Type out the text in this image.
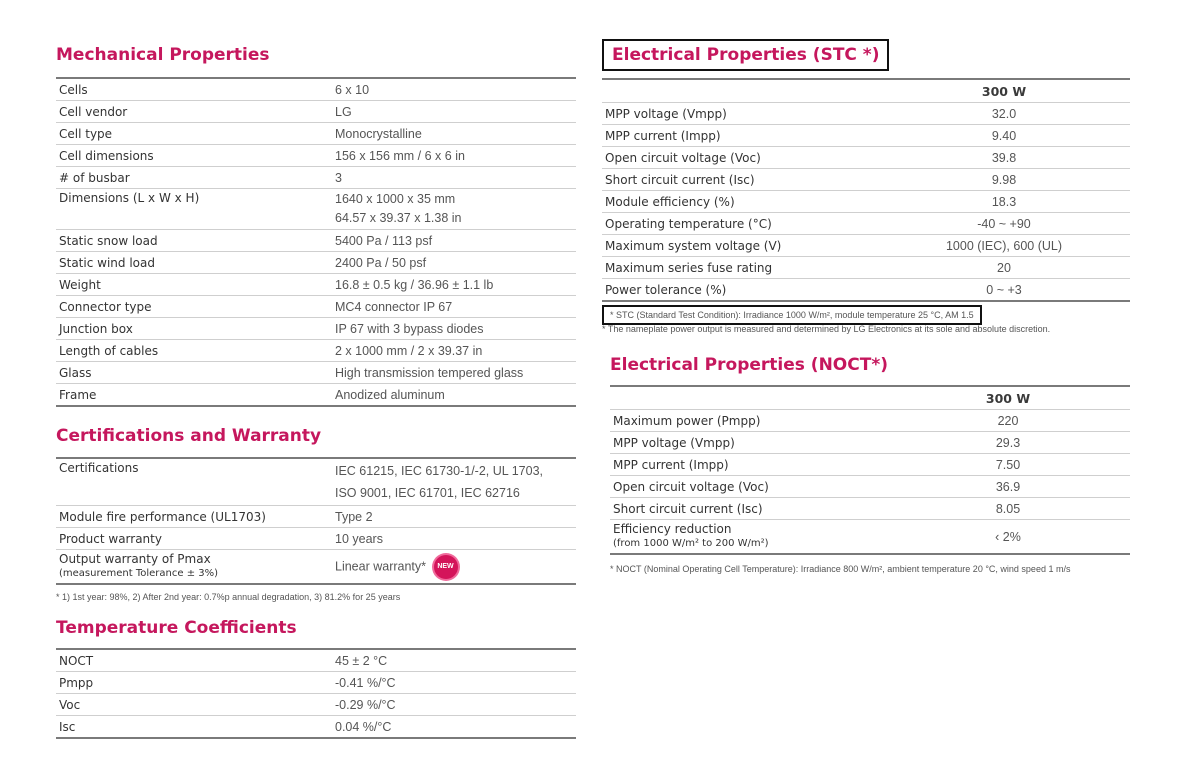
Mechanical Properties
Cells	6 x 10
Cell vendor	LG
Cell type	Monocrystalline
Cell dimensions	156 x 156 mm / 6 x 6 in
# of busbar	3
Dimensions (L x W x H)	1640 x 1000 x 35 mm
64.57 x 39.37 x 1.38 in

Static snow load	5400 Pa / 113 psf
Static wind load	2400 Pa / 50 psf
Weight	16.8 ± 0.5 kg / 36.96 ± 1.1 lb
Connector type	MC4 connector IP 67
Junction box	IP 67 with 3 bypass diodes
Length of cables	2 x 1000 mm / 2 x 39.37 in
Glass	High transmission tempered glass
Frame	Anodized aluminum
Certifications and Warranty
Certifications	IEC 61215, IEC 61730-1/-2, UL 1703,
ISO 9001, IEC 61701, IEC 62716

Module fire performance (UL1703)	Type 2
Product warranty	10 years

Output warranty of Pmax
(measurement Tolerance ± 3%)	Linear warranty* NEW
* 1) 1st year: 98%, 2) After 2nd year: 0.7%p annual degradation, 3) 81.2% for 25 years
Temperature Coefficients
NOCT	45 ± 2 °C
Pmpp	-0.41 %/°C
Voc	-0.29 %/°C
Isc	0.04 %/°C
Electrical Properties (STC *)
	300 W
MPP voltage (Vmpp)	32.0
MPP current (Impp)	9.40
Open circuit voltage (Voc)	39.8
Short circuit current (Isc)	9.98
Module efficiency (%)	18.3
Operating temperature (°C)	-40 ~ +90
Maximum system voltage (V)	1000 (IEC), 600 (UL)
Maximum series fuse rating	20
Power tolerance (%)	0 ~ +3
* STC (Standard Test Condition): Irradiance 1000 W/m², module temperature 25 °C, AM 1.5
* The nameplate power output is measured and determined by LG Electronics at its sole and absolute discretion.
Electrical Properties (NOCT*)
	300 W
Maximum power (Pmpp)	220
MPP voltage (Vmpp)	29.3
MPP current (Impp)	7.50
Open circuit voltage (Voc)	36.9
Short circuit current (Isc)	8.05

Efficiency reduction
(from 1000 W/m² to 200 W/m²)	‹ 2%
* NOCT (Nominal Operating Cell Temperature): Irradiance 800 W/m², ambient temperature 20 °C, wind speed 1 m/s
